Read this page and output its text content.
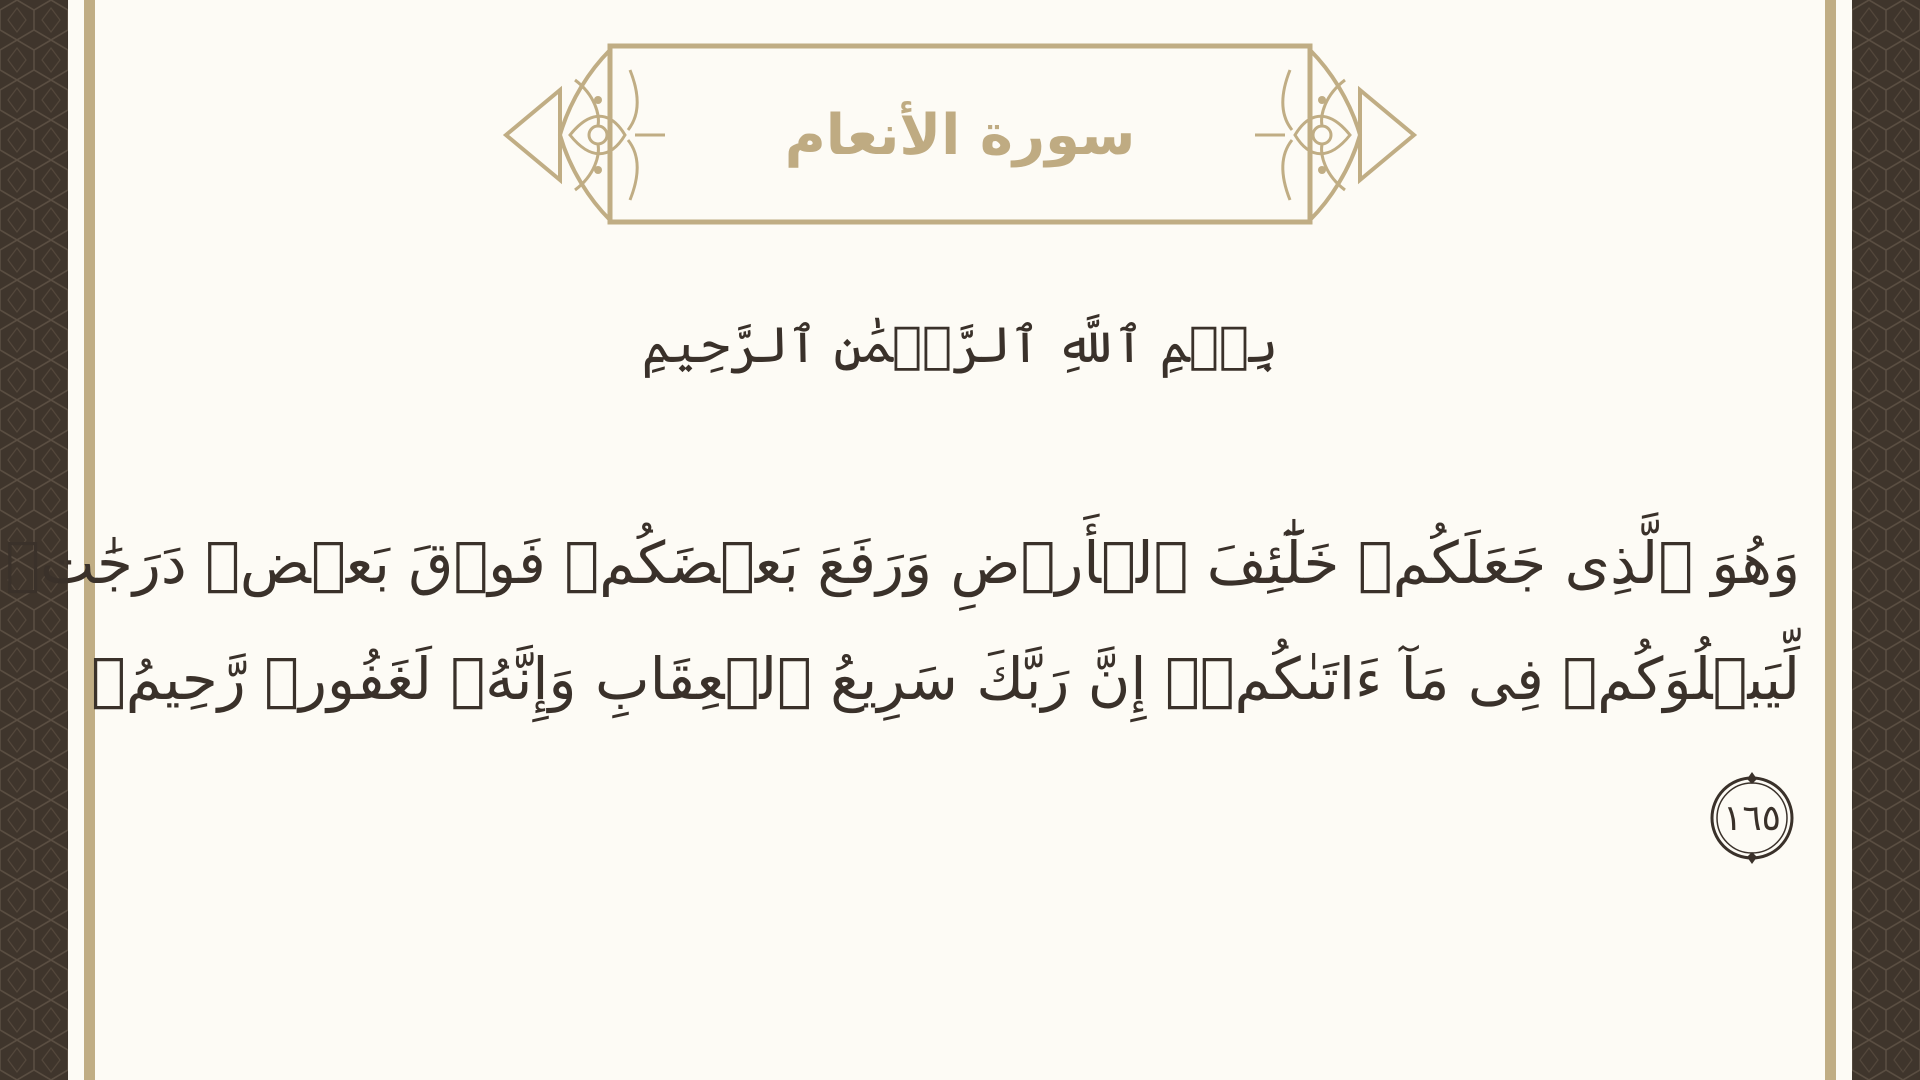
سورة الأنعام
بِسۡمِ ٱللَّهِ ٱلرَّحۡمَٰنِ ٱلرَّحِيمِ
وَهُوَ ٱلَّذِى جَعَلَكُمۡ خَلَٰٓئِفَ ٱلۡأَرۡضِ وَرَفَعَ بَعۡضَكُمۡ فَوۡقَ بَعۡضٖ دَرَجَٰتٖ
لِّيَبۡلُوَكُمۡ فِى مَآ ءَاتَىٰكُمۡۗ إِنَّ رَبَّكَ سَرِيعُ ٱلۡعِقَابِ وَإِنَّهُۥ لَغَفُورٞ رَّحِيمُۢ
١٦٥
